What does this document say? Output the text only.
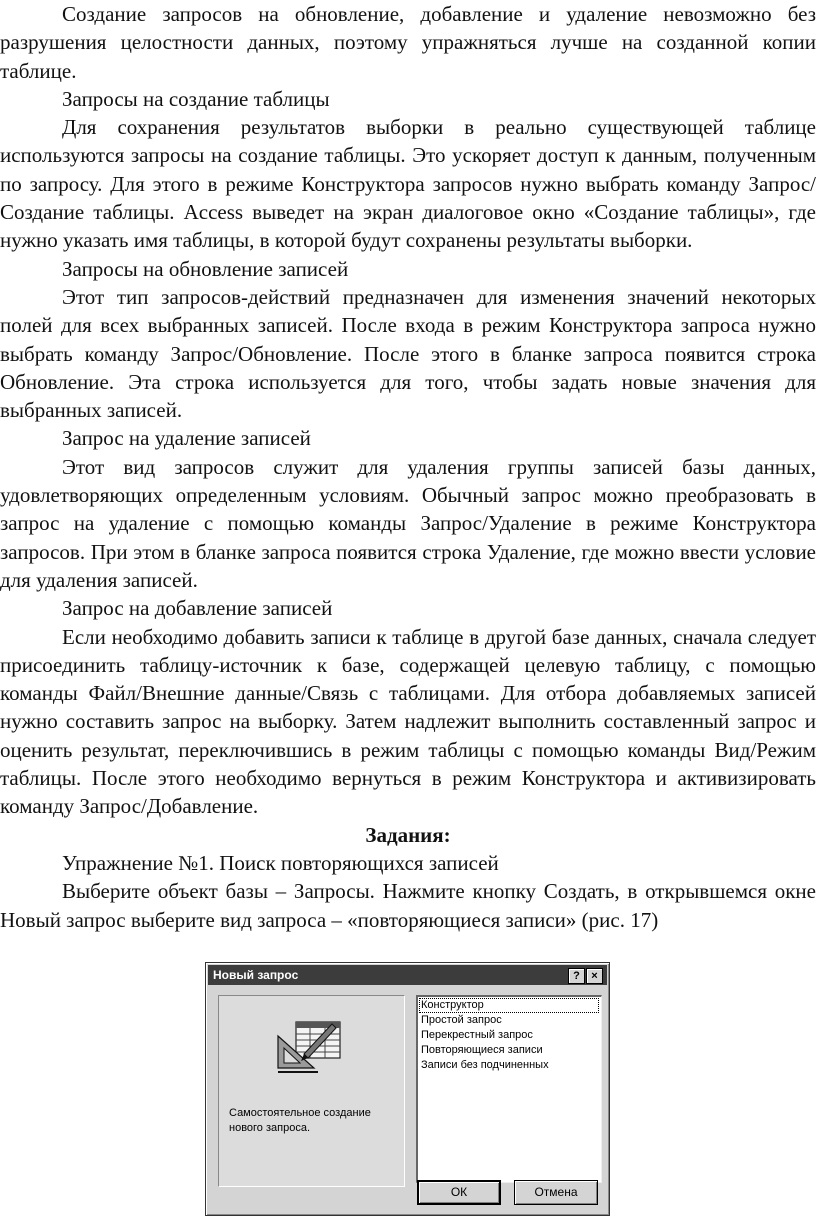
Создание запросов на обновление, добавление и удаление невозможно без разрушения целостности данных, поэтому упражняться лучше на созданной копии таблице.

Запросы на создание таблицы

Для сохранения результатов выборки в реально существующей таблице используются запросы на создание таблицы. Это ускоряет доступ к данным, полученным по запросу. Для этого в режиме Конструктора запросов нужно выбрать команду Запрос/Создание таблицы. Access выведет на экран диалоговое окно «Создание таблицы», где нужно указать имя таблицы, в которой будут сохранены результаты выборки.

Запросы на обновление записей

Этот тип запросов-действий предназначен для изменения значений некоторых полей для всех выбранных записей. После входа в режим Конструктора запроса нужно выбрать команду Запрос/Обновление. После этого в бланке запроса появится строка Обновление. Эта строка используется для того, чтобы задать новые значения для выбранных записей.

Запрос на удаление записей

Этот вид запросов служит для удаления группы записей базы данных, удовлетворяющих определенным условиям. Обычный запрос можно преобразовать в запрос на удаление с помощью команды Запрос/Удаление в режиме Конструктора запросов. При этом в бланке запроса появится строка Удаление, где можно ввести условие для удаления записей.

Запрос на добавление записей

Если необходимо добавить записи к таблице в другой базе данных, сначала следует присоединить таблицу-источник к базе, содержащей целевую таблицу, с помощью команды Файл/Внешние данные/Связь с таблицами. Для отбора добавляемых записей нужно составить запрос на выборку. Затем надлежит выполнить составленный запрос и оценить результат, переключившись в режим таблицы с помощью команды Вид/Режим таблицы. После этого необходимо вернуться в режим Конструктора и активизировать команду Запрос/Добавление.

Задания:

Упражнение №1. Поиск повторяющихся записей

Выберите объект базы – Запросы. Нажмите кнопку Создать, в открывшемся окне Новый запрос выберите вид запроса – «повторяющиеся записи» (рис. 17)

Новый запрос	?	×
Самостоятельное создание нового запроса.
Конструктор
Простой запрос
Перекрестный запрос
Повторяющиеся записи
Записи без подчиненных
ОК	Отмена
